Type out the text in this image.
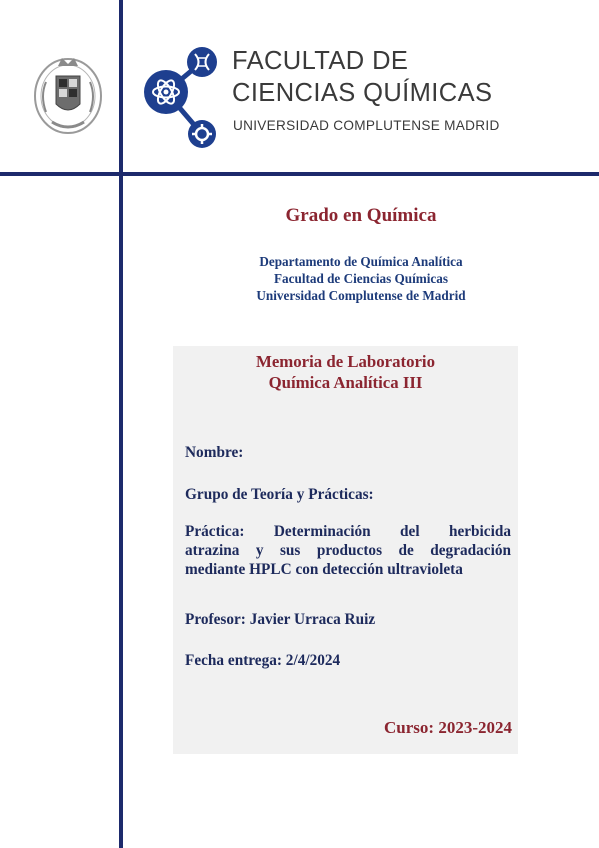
FACULTAD DE
CIENCIAS QUÍMICAS
UNIVERSIDAD COMPLUTENSE MADRID
Grado en Química
Departamento de Química Analítica
Facultad de Ciencias Químicas
Universidad Complutense de Madrid
Memoria de Laboratorio
Química Analítica III
Nombre:
Grupo de Teoría y Prácticas:
Práctica: Determinación del herbicida
atrazina y sus productos de degradación
mediante HPLC con detección ultravioleta
Profesor: Javier Urraca Ruiz
Fecha entrega: 2/4/2024
Curso: 2023-2024
